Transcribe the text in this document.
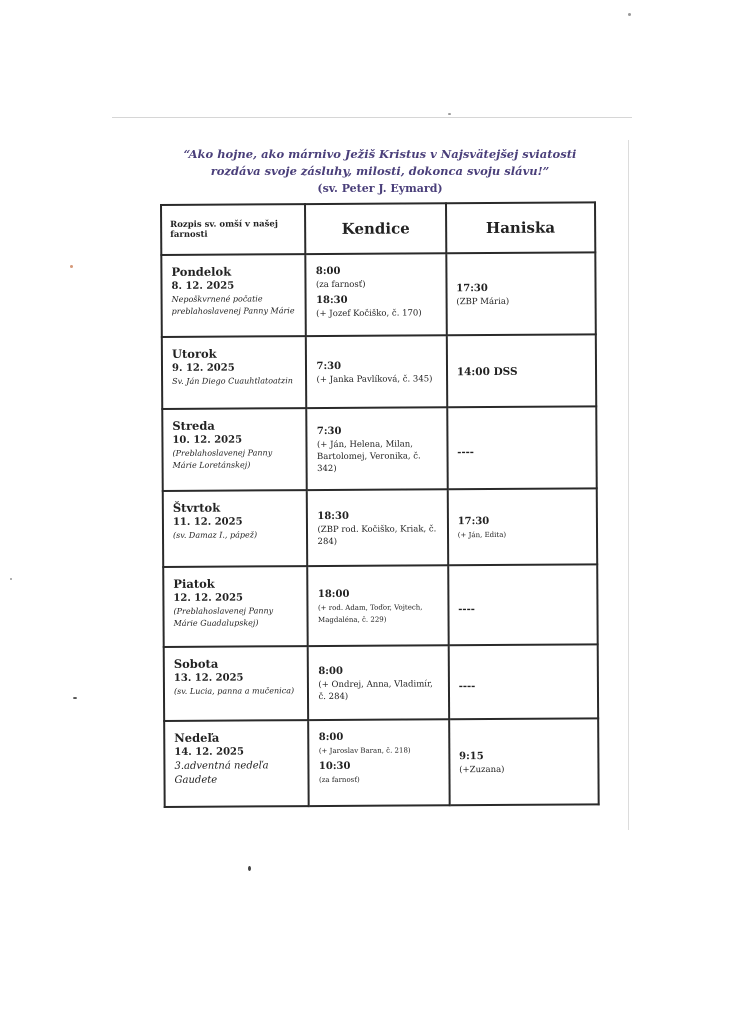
“Ako hojne, ako márnivo Ježiš Kristus v Najsvätejšej sviatosti rozdáva svoje zásluhy, milosti, dokonca svoju slávu!”
(sv. Peter J. Eymard)
Rozpis sv. omší v našej farnosti	Kendice	Haniska

Pondelok
8. 12. 2025
Nepoškvrnené počatie preblahoslavenej Panny Márie	8:00
(za farnosť)
18:30
(+ Jozef Kočiško, č. 170)	17:30
(ZBP Mária)

Utorok
9. 12. 2025
Sv. Ján Diego Cuauhtlatoatzin	7:30
(+ Janka Pavlíková, č. 345)	14:00 DSS

Streda
10. 12. 2025
(Preblahoslavenej Panny Márie Loretánskej)	7:30
(+ Ján, Helena, Milan, Bartolomej, Veronika, č. 342)	----

Štvrtok
11. 12. 2025
(sv. Damaz I., pápež)	18:30
(ZBP rod. Kočiško, Kriak, č. 284)	17:30
(+ Ján, Edita)

Piatok
12. 12. 2025
(Preblahoslavenej Panny Márie Guadalupskej)	18:00
(+ rod. Adam, Toďor, Vojtech, Magdaléna, č. 229)	----

Sobota
13. 12. 2025
(sv. Lucia, panna a mučenica)	8:00
(+ Ondrej, Anna, Vladimír, č. 284)	----

Nedeľa
14. 12. 2025
3.adventná nedeľa Gaudete	8:00
(+ Jaroslav Baran, č. 218)
10:30
(za farnosť)	9:15
(+Zuzana)
